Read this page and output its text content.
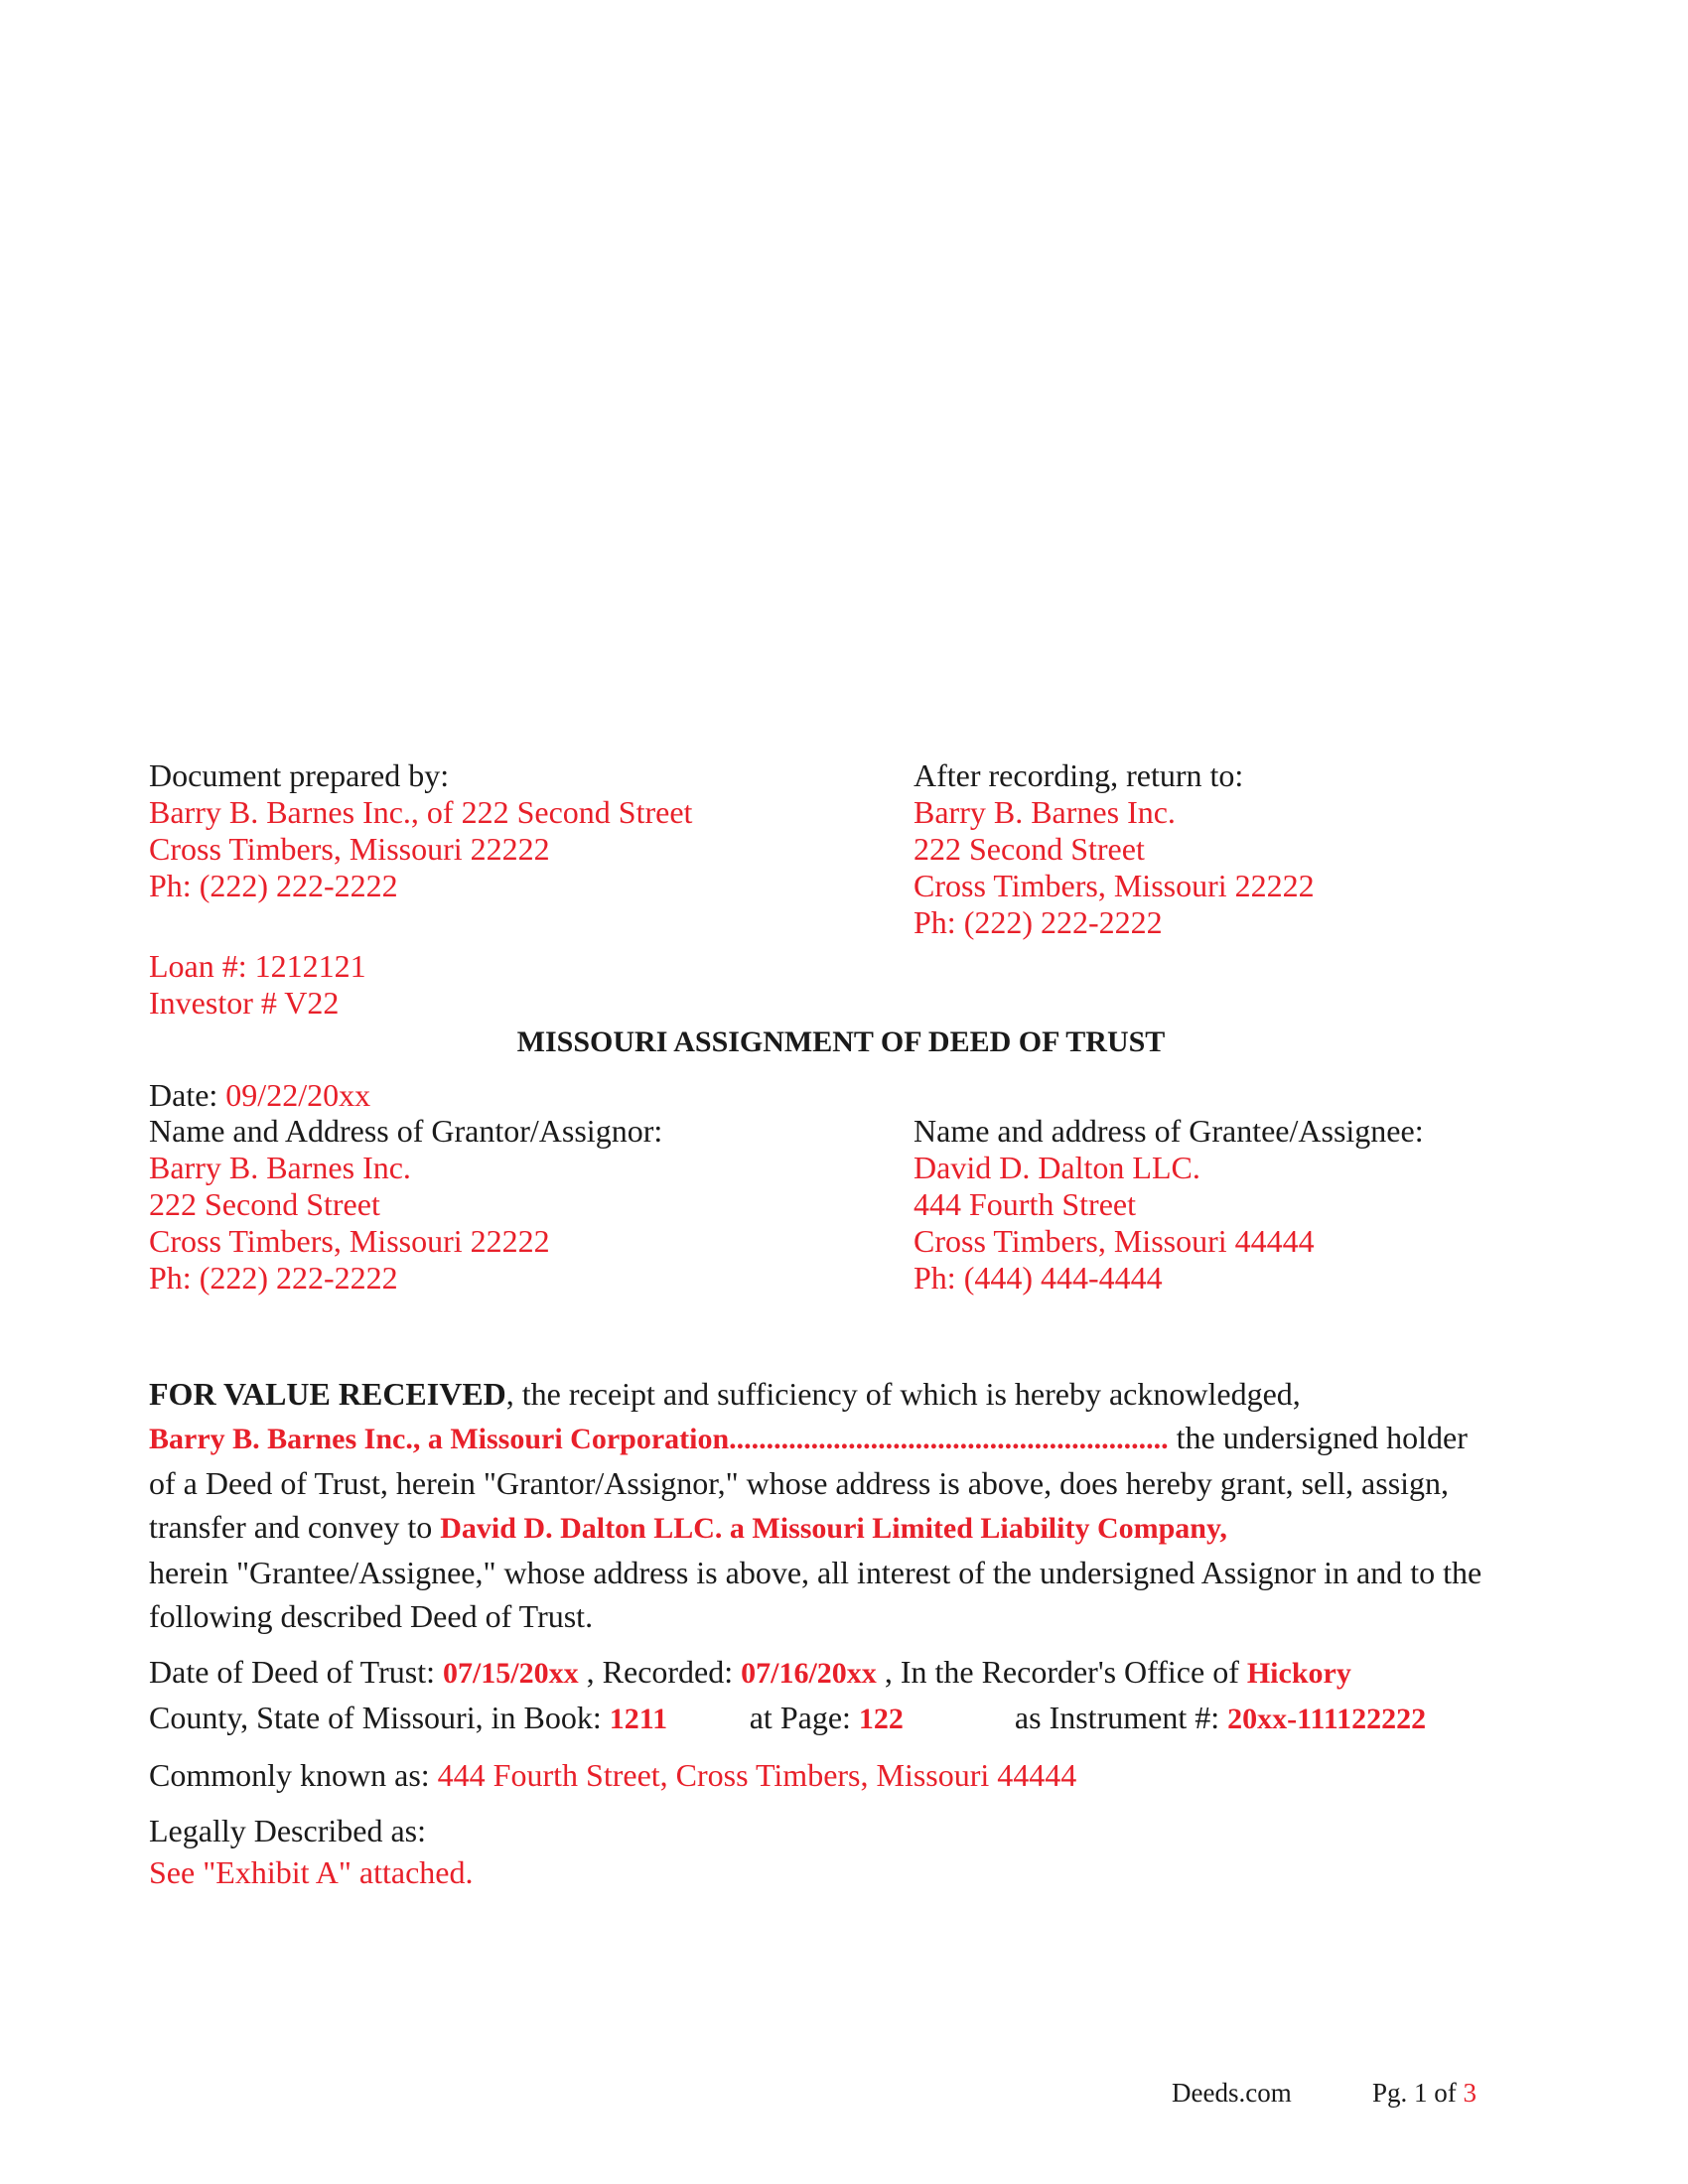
Document prepared by:
Barry B. Barnes Inc., of 222 Second Street
Cross Timbers, Missouri 22222
Ph: (222) 222-2222
After recording, return to:
Barry B. Barnes Inc.
222 Second Street
Cross Timbers, Missouri 22222
Ph: (222) 222-2222
Loan #: 1212121
Investor # V22
MISSOURI ASSIGNMENT OF DEED OF TRUST
Date: 09/22/20xx
Name and Address of Grantor/Assignor:
Barry B. Barnes Inc.
222 Second Street
Cross Timbers, Missouri 22222
Ph: (222) 222-2222
Name and address of Grantee/Assignee:
David D. Dalton LLC.
444 Fourth Street
Cross Timbers, Missouri 44444
Ph: (444) 444-4444
FOR VALUE RECEIVED, the receipt and sufficiency of which is hereby acknowledged,
Barry B. Barnes Inc., a Missouri Corporation........................................................... the undersigned holder
of a Deed of Trust, herein "Grantor/Assignor," whose address is above, does hereby grant, sell, assign,
transfer and convey to David D. Dalton LLC. a Missouri Limited Liability Company,
herein "Grantee/Assignee," whose address is above, all interest of the undersigned Assignor in and to the
following described Deed of Trust.
Date of Deed of Trust: 07/15/20xx , Recorded: 07/16/20xx , In the Recorder's Office of Hickory
County, State of Missouri, in Book: 1211	at Page: 122	as Instrument #: 20xx-111122222
Commonly known as: 444 Fourth Street, Cross Timbers, Missouri 44444
Legally Described as:
See "Exhibit A" attached.
Deeds.com	Pg. 1 of 3
